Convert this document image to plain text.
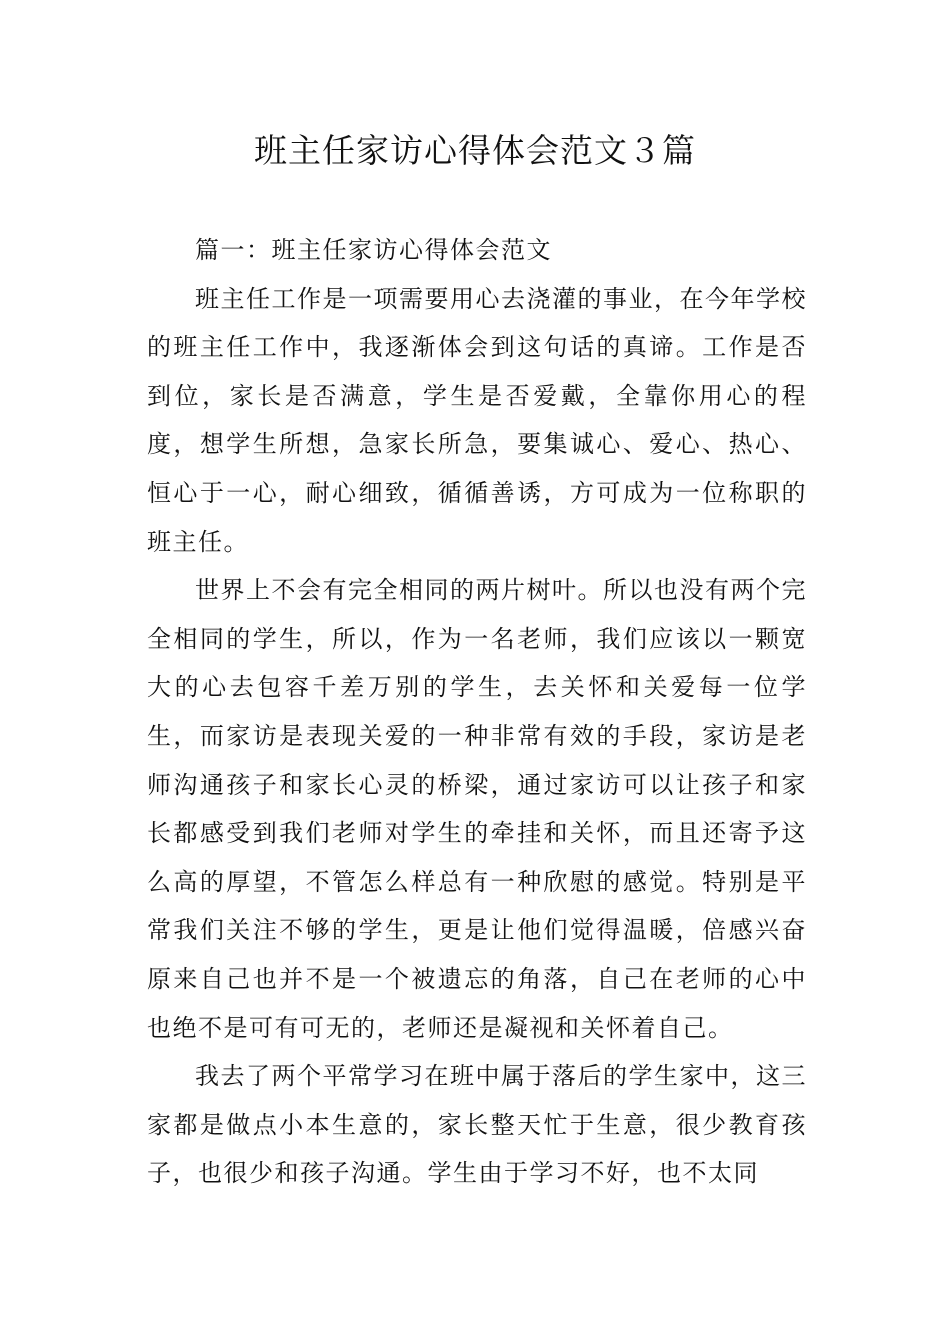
班主任家访心得体会范文３篇

篇一：班主任家访心得体会范文

班主任工作是一项需要用心去浇灌的事业，在今年学校的班主任工作中，我逐渐体会到这句话的真谛。工作是否到位，家长是否满意，学生是否爱戴，全靠你用心的程度，想学生所想，急家长所急，要集诚心、爱心、热心、恒心于一心，耐心细致，循循善诱，方可成为一位称职的班主任。

世界上不会有完全相同的两片树叶。所以也没有两个完全相同的学生，所以，作为一名老师，我们应该以一颗宽大的心去包容千差万别的学生，去关怀和关爱每一位学生，而家访是表现关爱的一种非常有效的手段，家访是老师沟通孩子和家长心灵的桥梁，通过家访可以让孩子和家长都感受到我们老师对学生的牵挂和关怀，而且还寄予这么高的厚望，不管怎么样总有一种欣慰的感觉。特别是平常我们关注不够的学生，更是让他们觉得温暖，倍感兴奋原来自己也并不是一个被遗忘的角落，自己在老师的心中也绝不是可有可无的，老师还是凝视和关怀着自己。

我去了两个平常学习在班中属于落后的学生家中，这三家都是做点小本生意的，家长整天忙于生意，很少教育孩子，也很少和孩子沟通。学生由于学习不好，也不太同
